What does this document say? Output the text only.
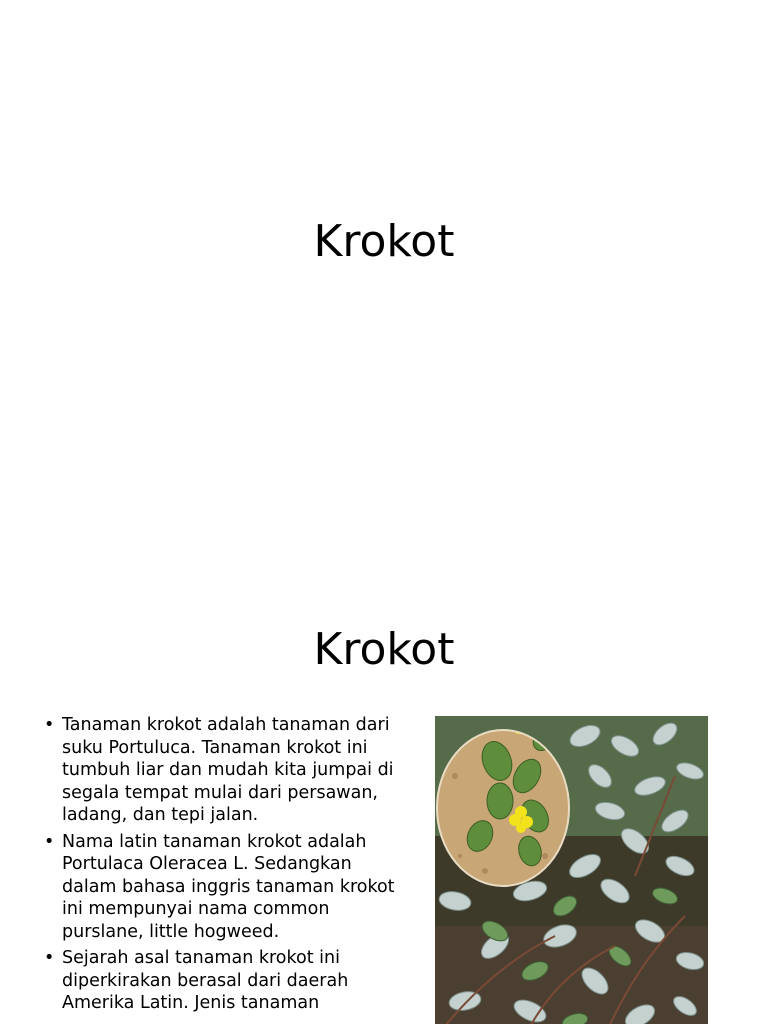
Krokot
Krokot
• Tanaman krokot adalah tanaman dari suku Portuluca. Tanaman krokot ini tumbuh liar dan mudah kita jumpai di segala tempat mulai dari persawan, ladang, dan tepi jalan.
• Nama latin tanaman krokot adalah Portulaca Oleracea L. Sedangkan dalam bahasa inggris tanaman krokot ini mempunyai nama common purslane, little hogweed.
• Sejarah asal tanaman krokot ini diperkirakan berasal dari daerah Amerika Latin. Jenis tanaman
